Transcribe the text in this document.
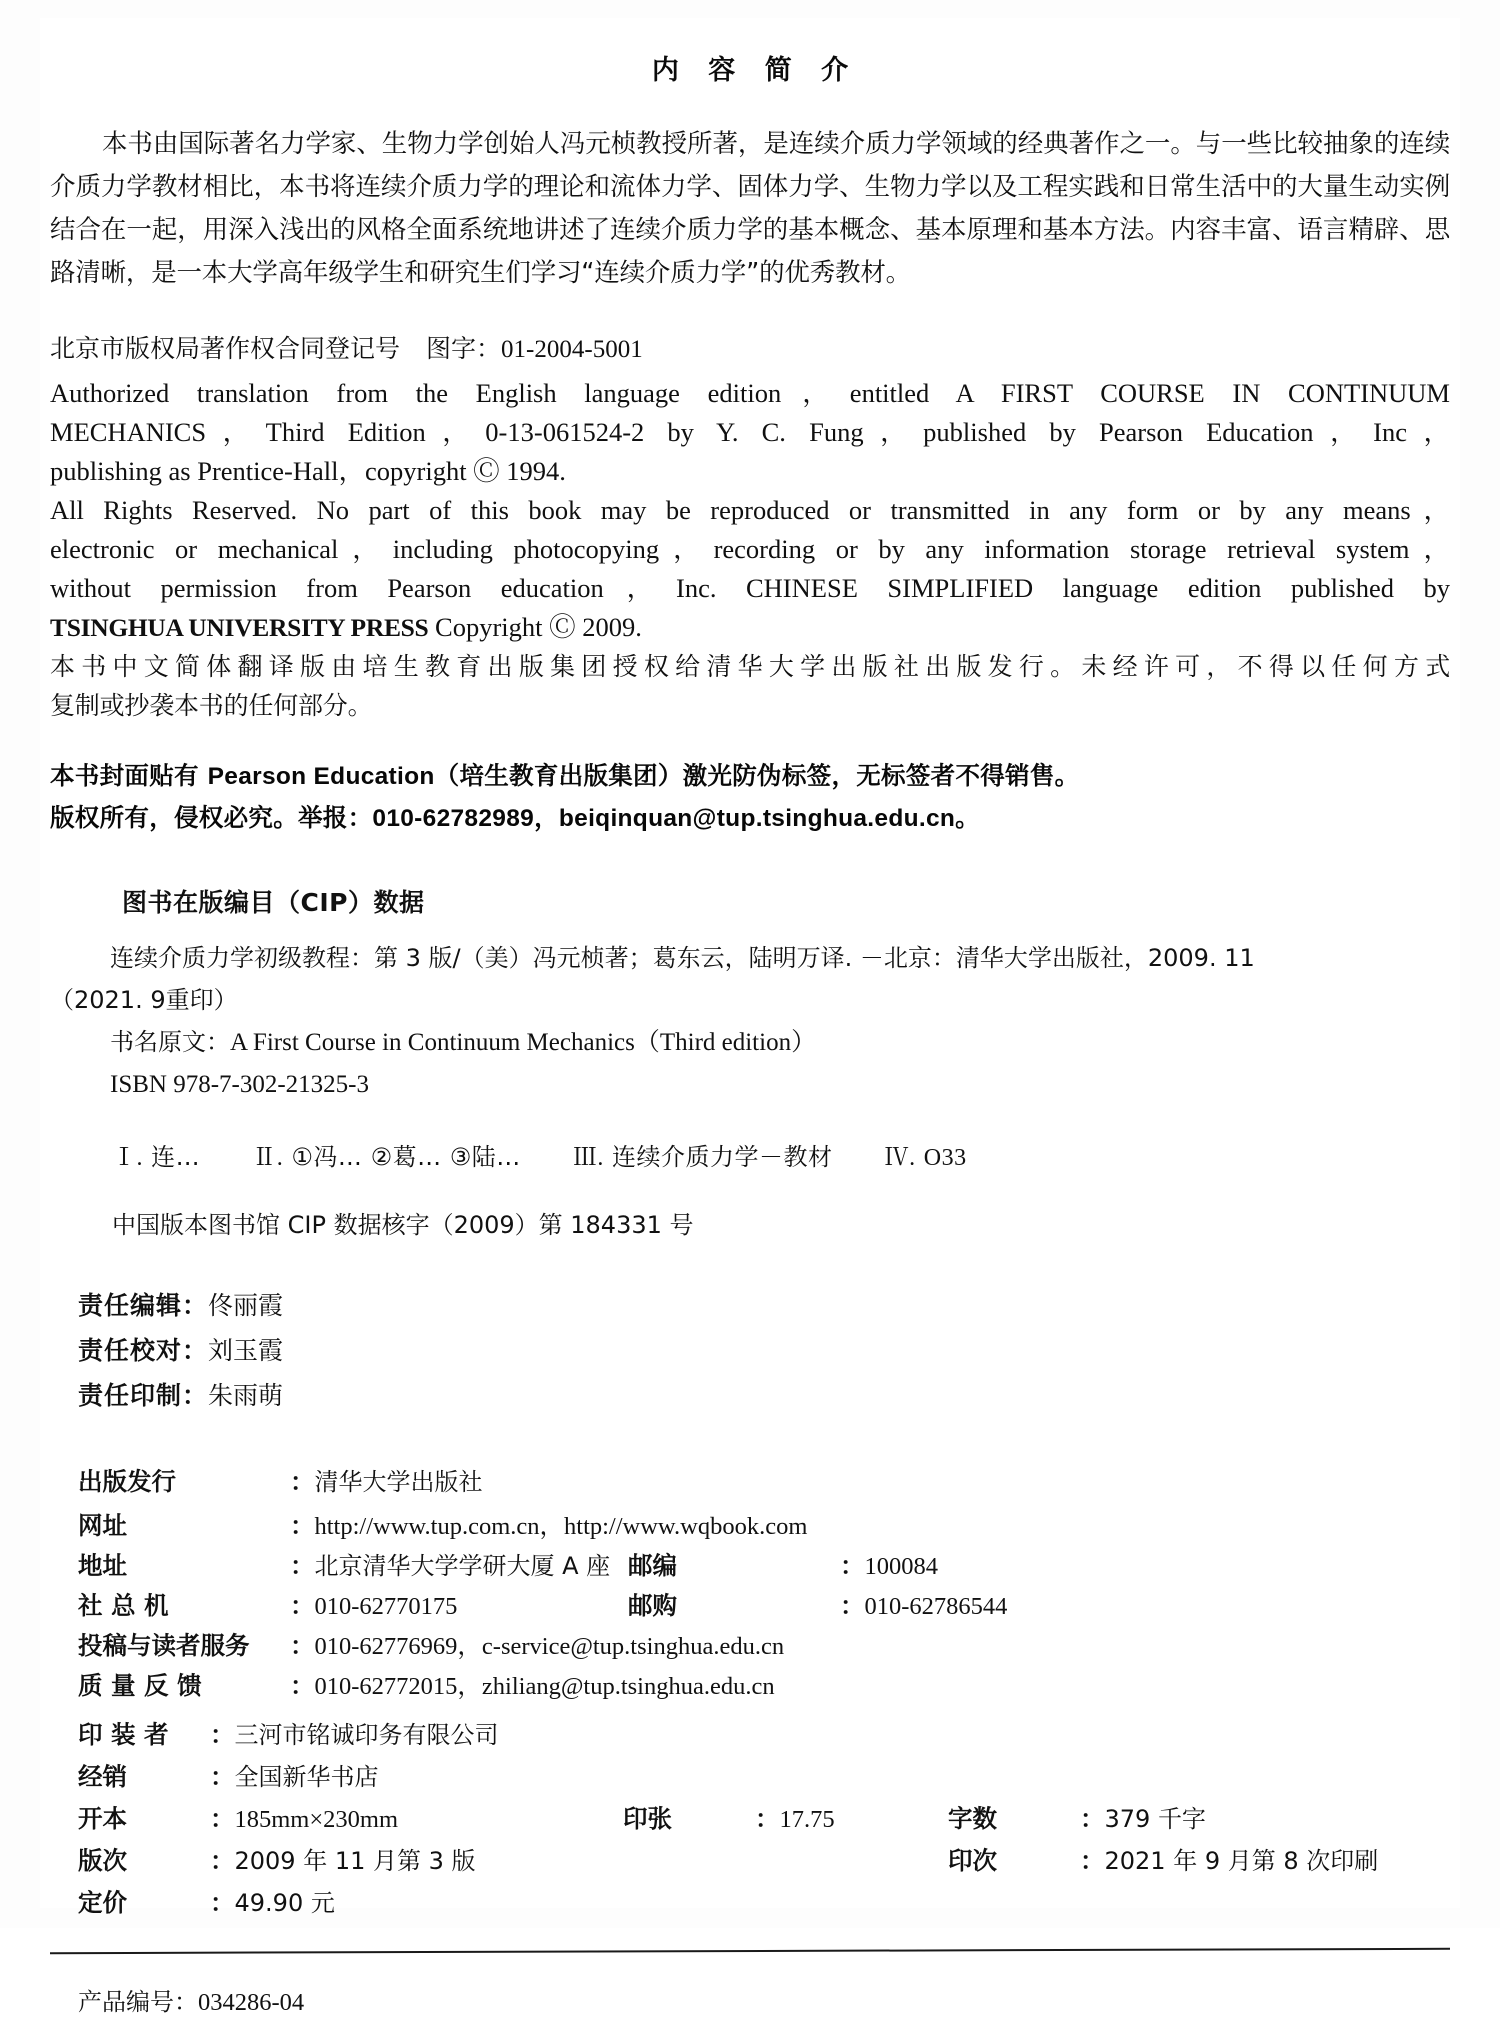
内 容 简 介
本书由国际著名力学家、生物力学创始人冯元桢教授所著，是连续介质力学领域的经典著作之一。与一些比较抽象的连续介质力学教材相比，本书将连续介质力学的理论和流体力学、固体力学、生物力学以及工程实践和日常生活中的大量生动实例结合在一起，用深入浅出的风格全面系统地讲述了连续介质力学的基本概念、基本原理和基本方法。内容丰富、语言精辟、思路清晰，是一本大学高年级学生和研究生们学习“连续介质力学”的优秀教材。
北京市版权局著作权合同登记号 图字：01-2004-5001
Authorized translation from the English language edition，entitled A FIRST COURSE IN CONTINUUM
MECHANICS，Third Edition，0-13-061524-2 by Y. C. Fung，published by Pearson Education，Inc，
publishing as Prentice-Hall，copyright Ⓒ 1994.
All Rights Reserved. No part of this book may be reproduced or transmitted in any form or by any means，
electronic or mechanical，including photocopying，recording or by any information storage retrieval system，
without permission from Pearson education，Inc. CHINESE SIMPLIFIED language edition published by
TSINGHUA UNIVERSITY PRESS Copyright Ⓒ 2009.
本书中文简体翻译版由培生教育出版集团授权给清华大学出版社出版发行。未经许可，不得以任何方式
复制或抄袭本书的任何部分。
本书封面贴有 Pearson Education（培生教育出版集团）激光防伪标签，无标签者不得销售。
版权所有，侵权必究。举报：010-62782989，beiqinquan@tup.tsinghua.edu.cn。
图书在版编目（CIP）数据
连续介质力学初级教程：第 3 版/（美）冯元桢著；葛东云，陆明万译. －北京：清华大学出版社，2009. 11
（2021. 9重印）
书名原文：A First Course in Continuum Mechanics（Third edition）
ISBN 978-7-302-21325-3
Ⅰ. 连… Ⅱ. ①冯… ②葛… ③陆… Ⅲ. 连续介质力学－教材 Ⅳ. O33
中国版本图书馆 CIP 数据核字（2009）第 184331 号
责任编辑：佟丽霞
责任校对：刘玉霞
责任印制：朱雨萌
出版发行	：清华大学出版社
网址	：http://www.tup.com.cn，http://www.wqbook.com
地址	：北京清华大学学研大厦 A 座 邮编	：100084
社 总 机	：010-62770175	邮购	：010-62786544
投稿与读者服务 ：010-62776969，c-service@tup.tsinghua.edu.cn
质 量 反 馈	：010-62772015，zhiliang@tup.tsinghua.edu.cn
印 装 者	： 三河市铭诚印务有限公司
经销	： 全国新华书店
开本	： 185mm×230mm	印张	： 17.75	字数	： 379 千字
版次	： 2009 年 11 月第 3 版	印次	： 2021 年 9 月第 8 次印刷
定价	： 49.90 元
产品编号：034286-04
